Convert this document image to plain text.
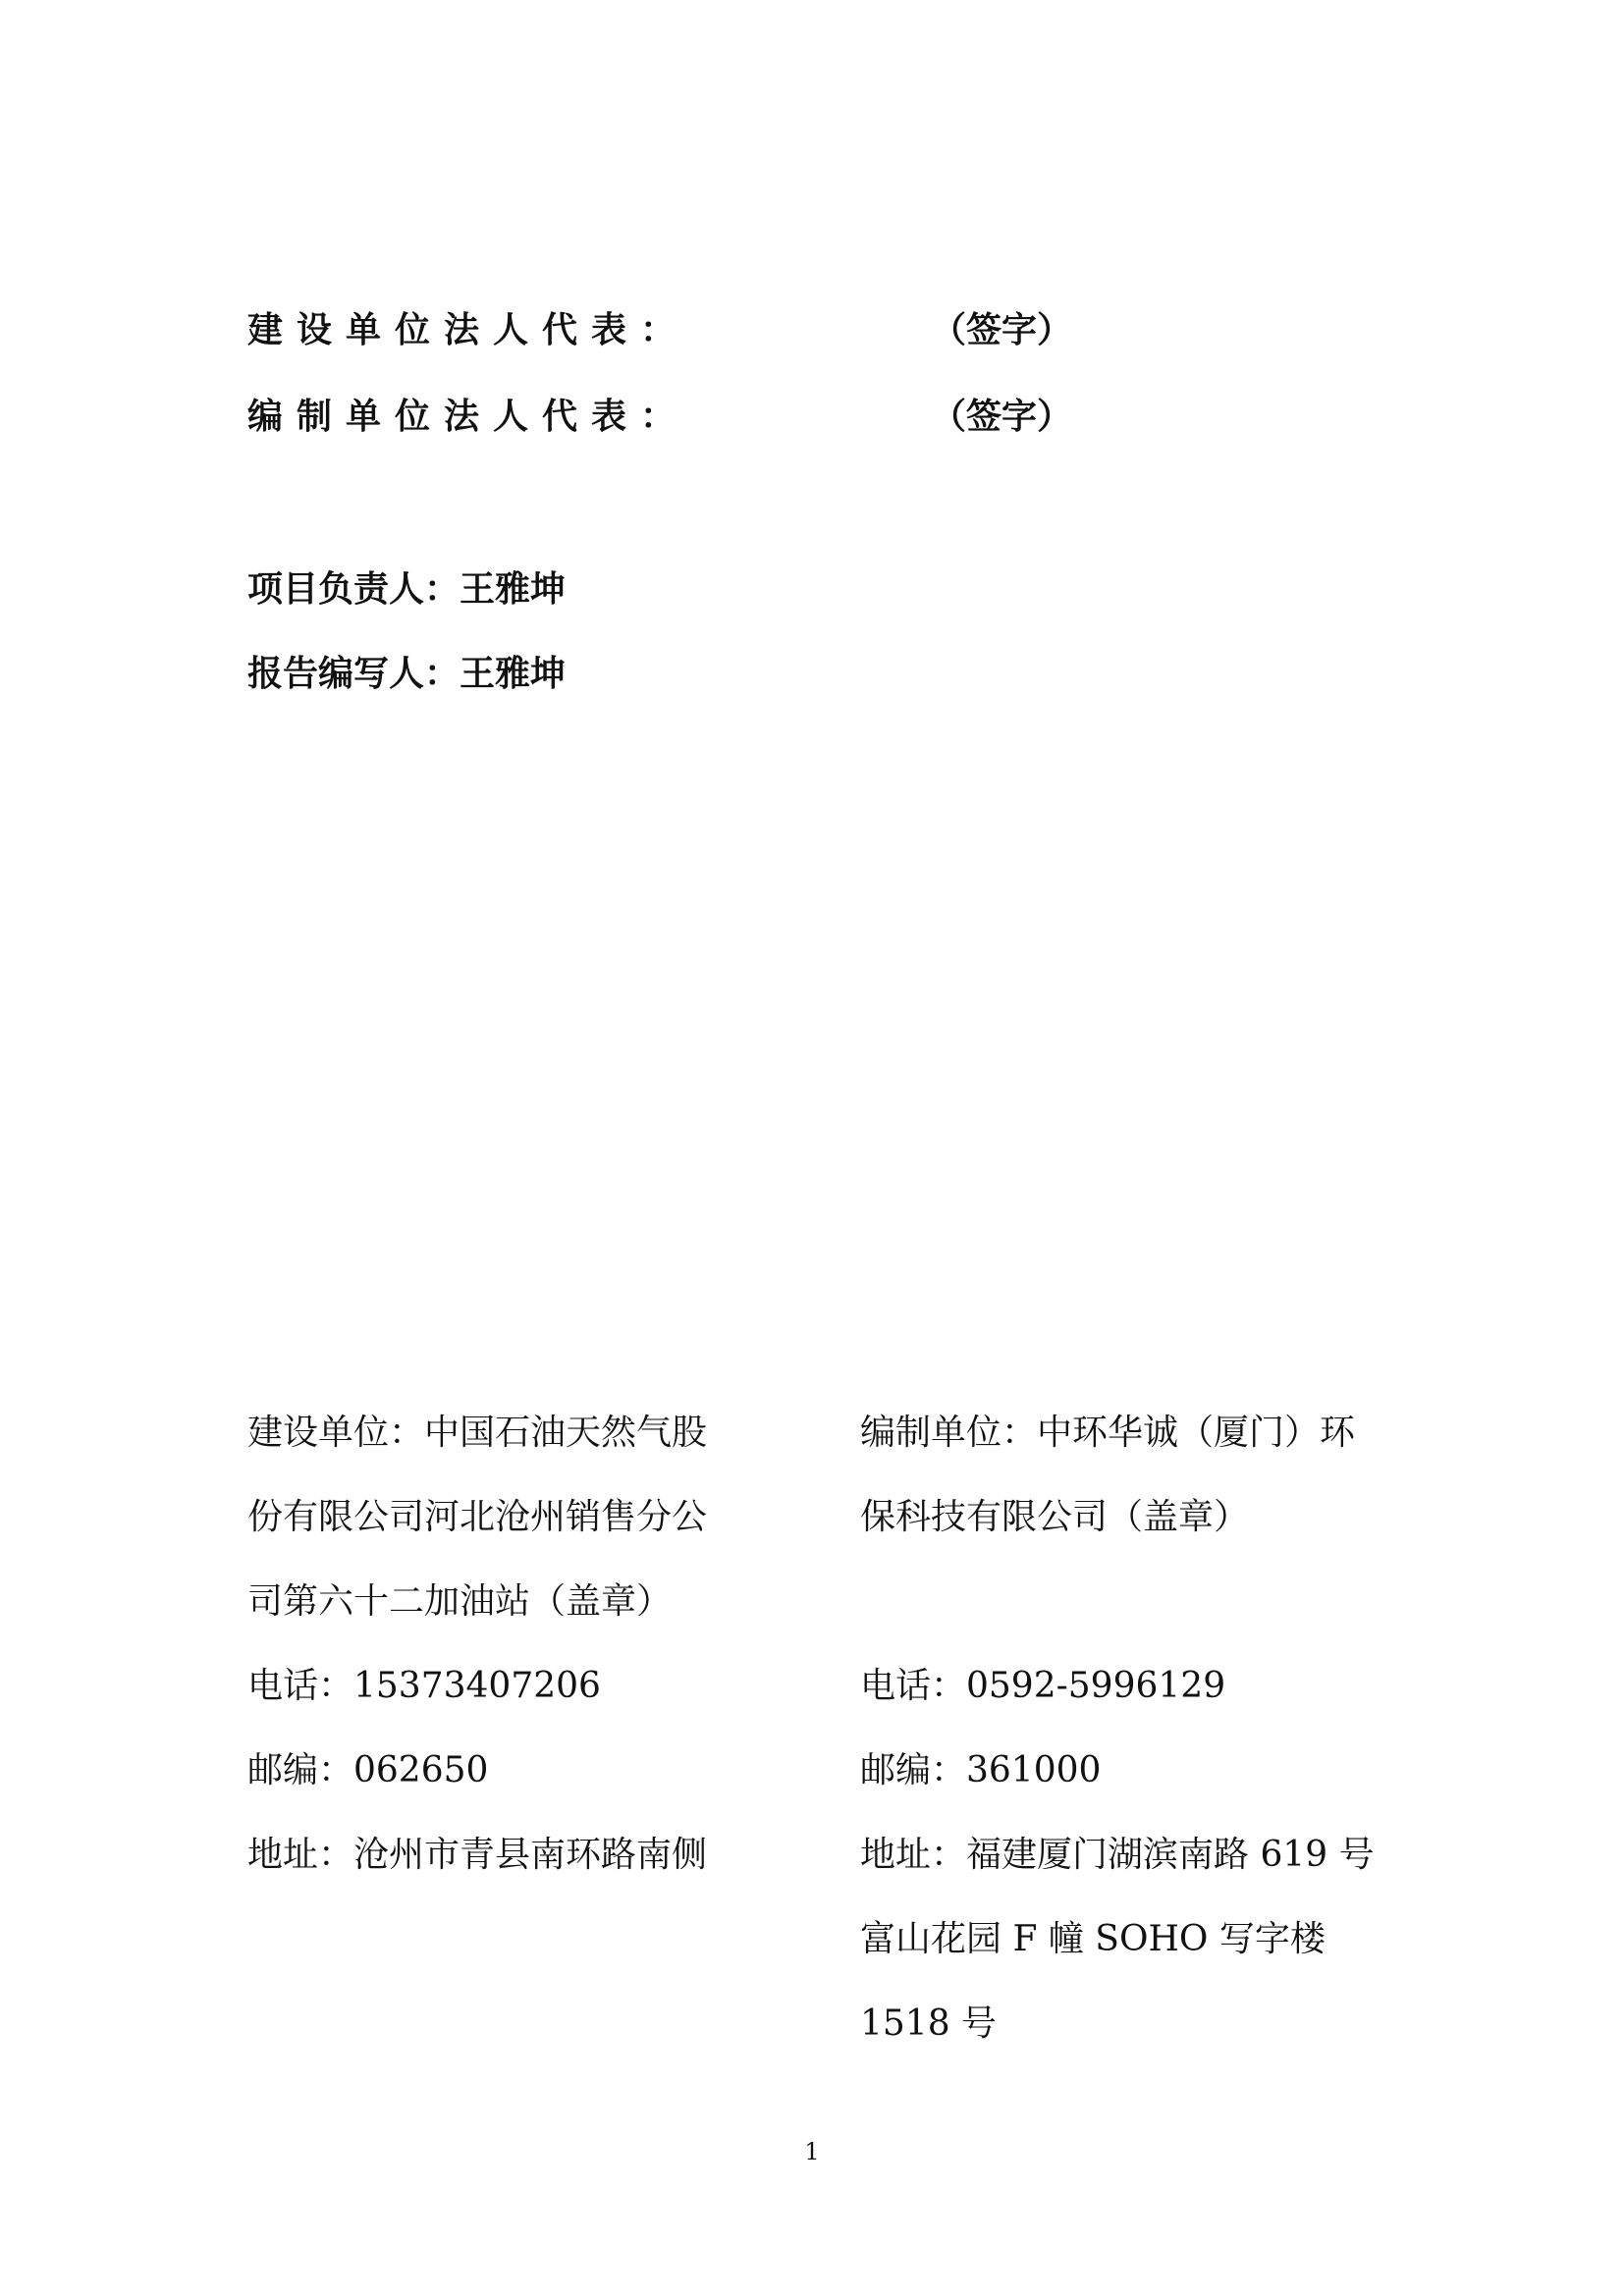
建设单位法人代表：	（签字）
编制单位法人代表：	（签字）
项目负责人：王雅坤
报告编写人：王雅坤
建设单位：中国石油天然气股
份有限公司河北沧州销售分公
司第六十二加油站（盖章）
电话：15373407206
邮编：062650
地址：沧州市青县南环路南侧
编制单位：中环华诚（厦门）环
保科技有限公司（盖章）

电话：0592-5996129
邮编：361000
地址：福建厦门湖滨南路 619 号
富山花园 F 幢 SOHO 写字楼
1518 号
1
